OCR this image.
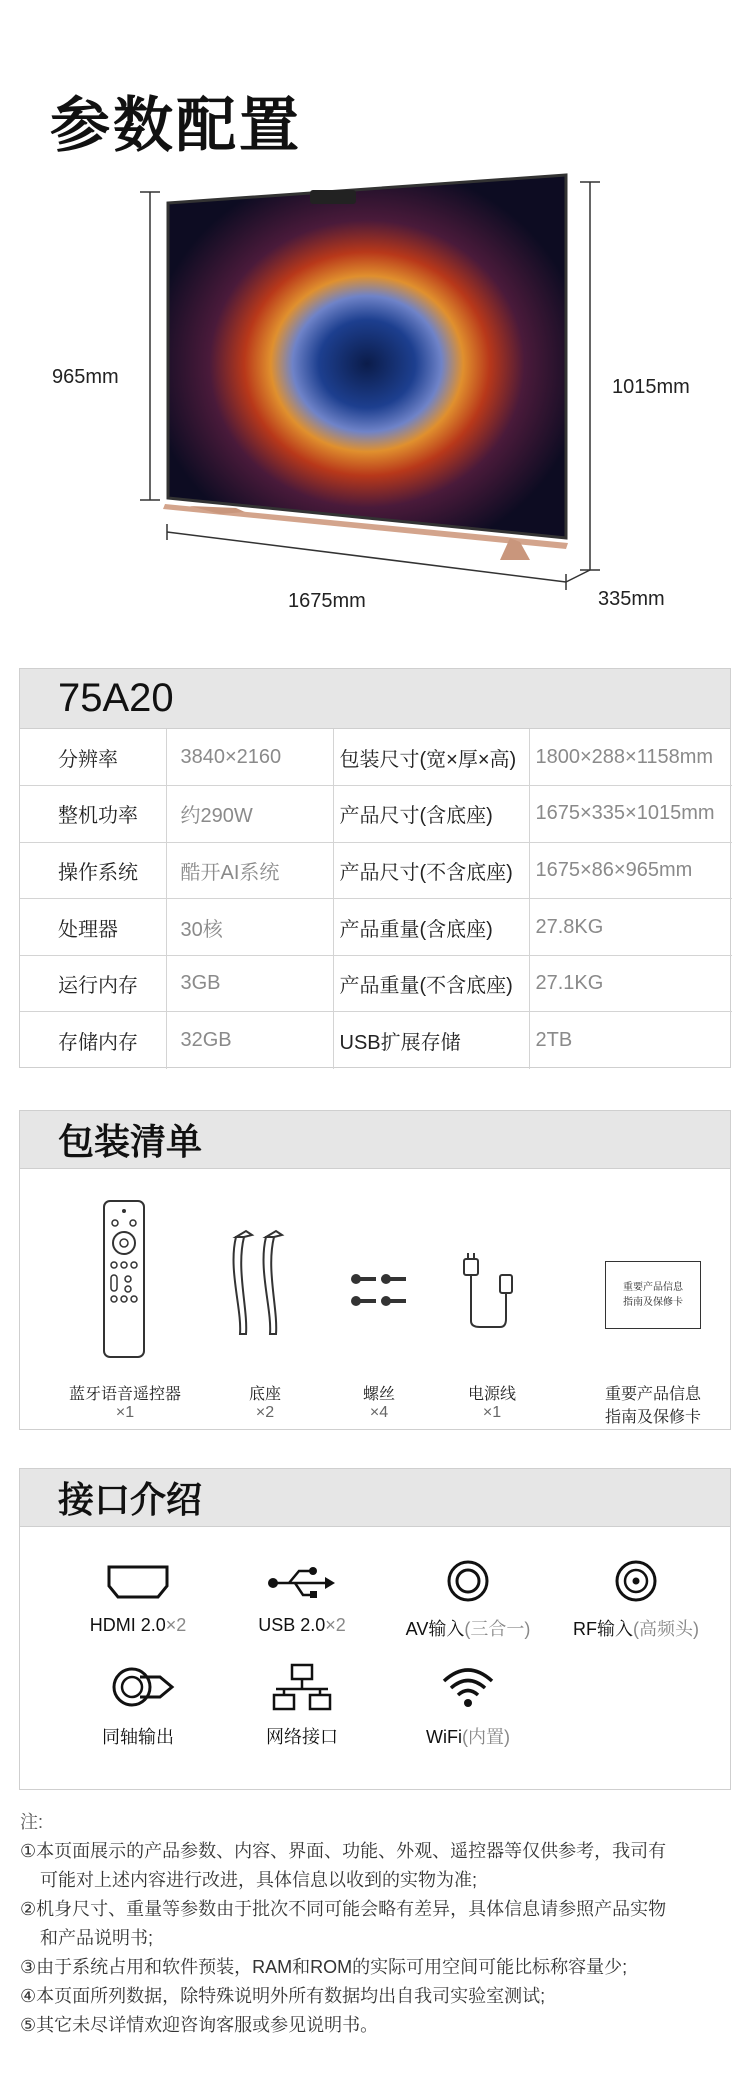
参数配置
965mm	1015mm
1675mm	335mm
75A20
分辨率	3840×2160	包装尺寸(宽×厚×高)	1800×288×1158mm
整机功率	约290W	产品尺寸(含底座)	1675×335×1015mm
操作系统	酷开AI系统	产品尺寸(不含底座)	1675×86×965mm
处理器	30核	产品重量(含底座)	27.8KG
运行内存	3GB	产品重量(不含底座)	27.1KG
存储内存	32GB	USB扩展存储	2TB
包装清单
重要产品信息
指南及保修卡
蓝牙语音遥控器
×1
底座
×2
螺丝
×4
电源线
×1
重要产品信息
指南及保修卡
接口介绍
HDMI 2.0×2	USB 2.0×2	AV输入(三合一)	RF输入(高频头)
同轴输出	网络接口	WiFi(内置)
注:
①本页面展示的产品参数、内容、界面、功能、外观、遥控器等仅供参考，我司有
可能对上述内容进行改进，具体信息以收到的实物为准;
②机身尺寸、重量等参数由于批次不同可能会略有差异，具体信息请参照产品实物
和产品说明书;
③由于系统占用和软件预装，RAM和ROM的实际可用空间可能比标称容量少;
④本页面所列数据，除特殊说明外所有数据均出自我司实验室测试;
⑤其它未尽详情欢迎咨询客服或参见说明书。
